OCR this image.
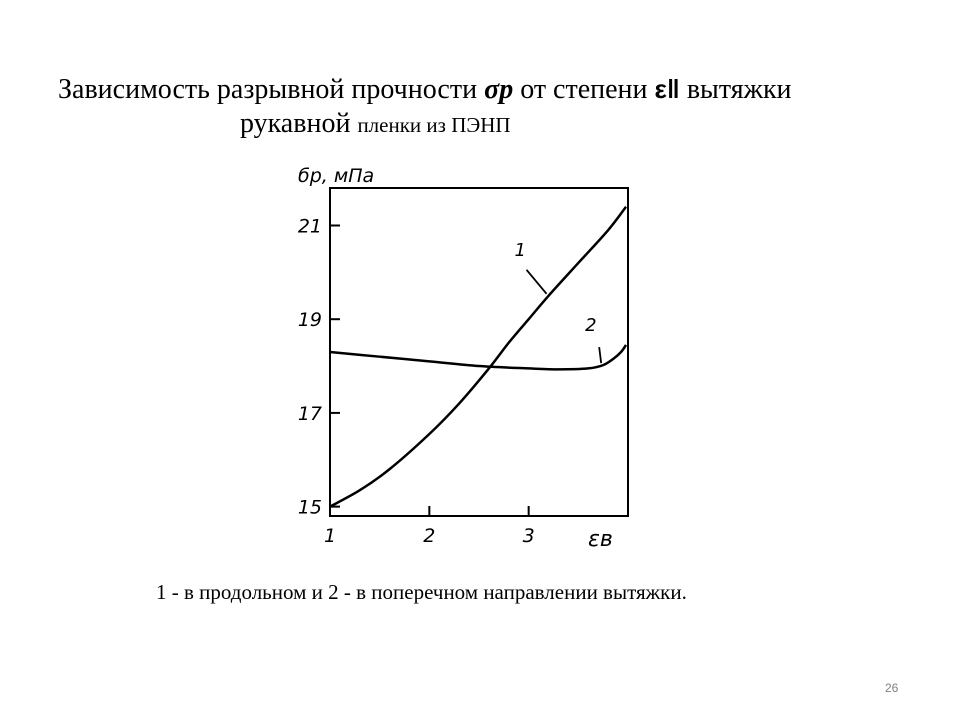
Зависимость разрывной прочности σр от степени ε‖ вытяжки
рукавной пленки из ПЭНП
бр, мПа
15
17
19
21
1	2	3
1
2
εв
1 - в продольном и 2 - в поперечном направлении вытяжки.
26
